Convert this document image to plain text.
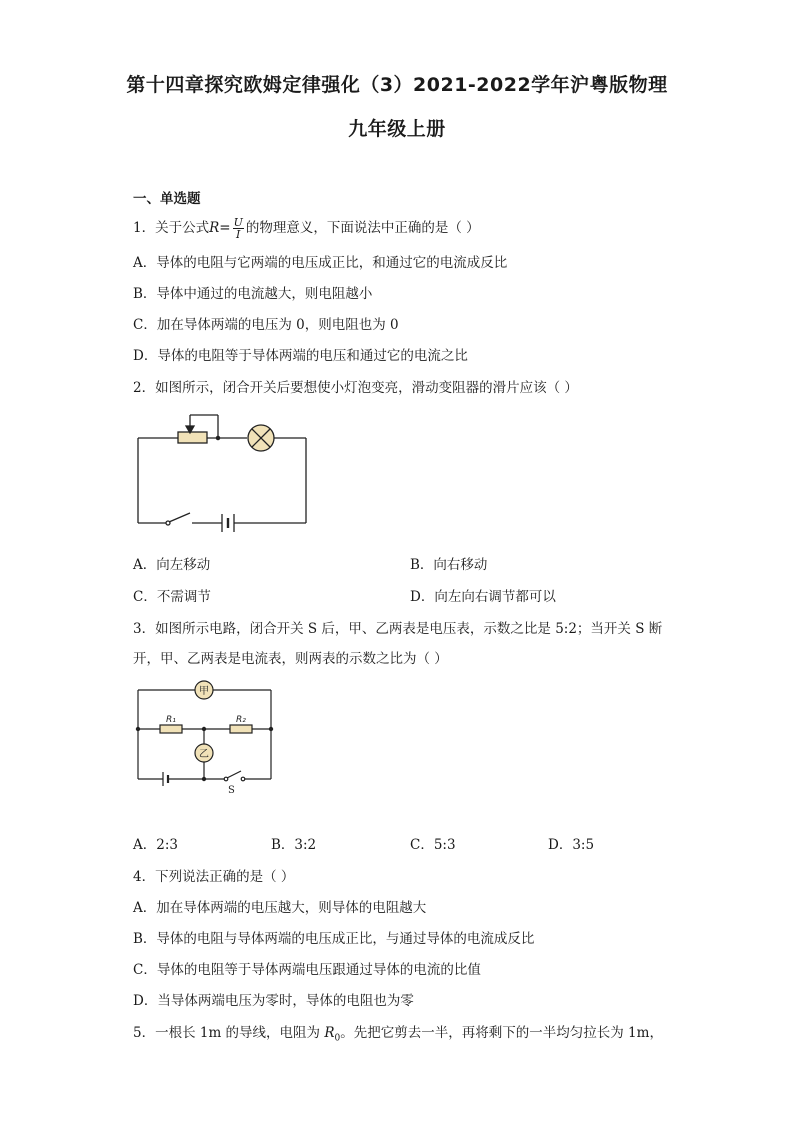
第十四章探究欧姆定律强化（3）2021-2022学年沪粤版物理
九年级上册
一、单选题
1．关于公式$R= \frac{U}{I}$ 的物理意义，下面说法中正确的是（ ）
A．导体的电阻与它两端的电压成正比，和通过它的电流成反比
B．导体中通过的电流越大，则电阻越小
C．加在导体两端的电压为 0，则电阻也为 0
D．导体的电阻等于导体两端的电压和通过它的电流之比
2．如图所示，闭合开关后要想使小灯泡变亮，滑动变阻器的滑片应该（ ）
A．向左移动	B．向右移动
C．不需调节	D．向左向右调节都可以
3．如图所示电路，闭合开关 S 后，甲、乙两表是电压表，示数之比是 5:2；当开关 S 断
开，甲、乙两表是电流表，则两表的示数之比为（ ）
甲
乙
R₁	R₂
S
A．2:3	B．3:2	C．5:3	D．3:5
4．下列说法正确的是（ ）
A．加在导体两端的电压越大，则导体的电阻越大
B．导体的电阻与导体两端的电压成正比，与通过导体的电流成反比
C．导体的电阻等于导体两端电压跟通过导体的电流的比值
D．当导体两端电压为零时，导体的电阻也为零
5．一根长 1m 的导线，电阻为 $R_0$。先把它剪去一半，再将剩下的一半均匀拉长为 1m，
